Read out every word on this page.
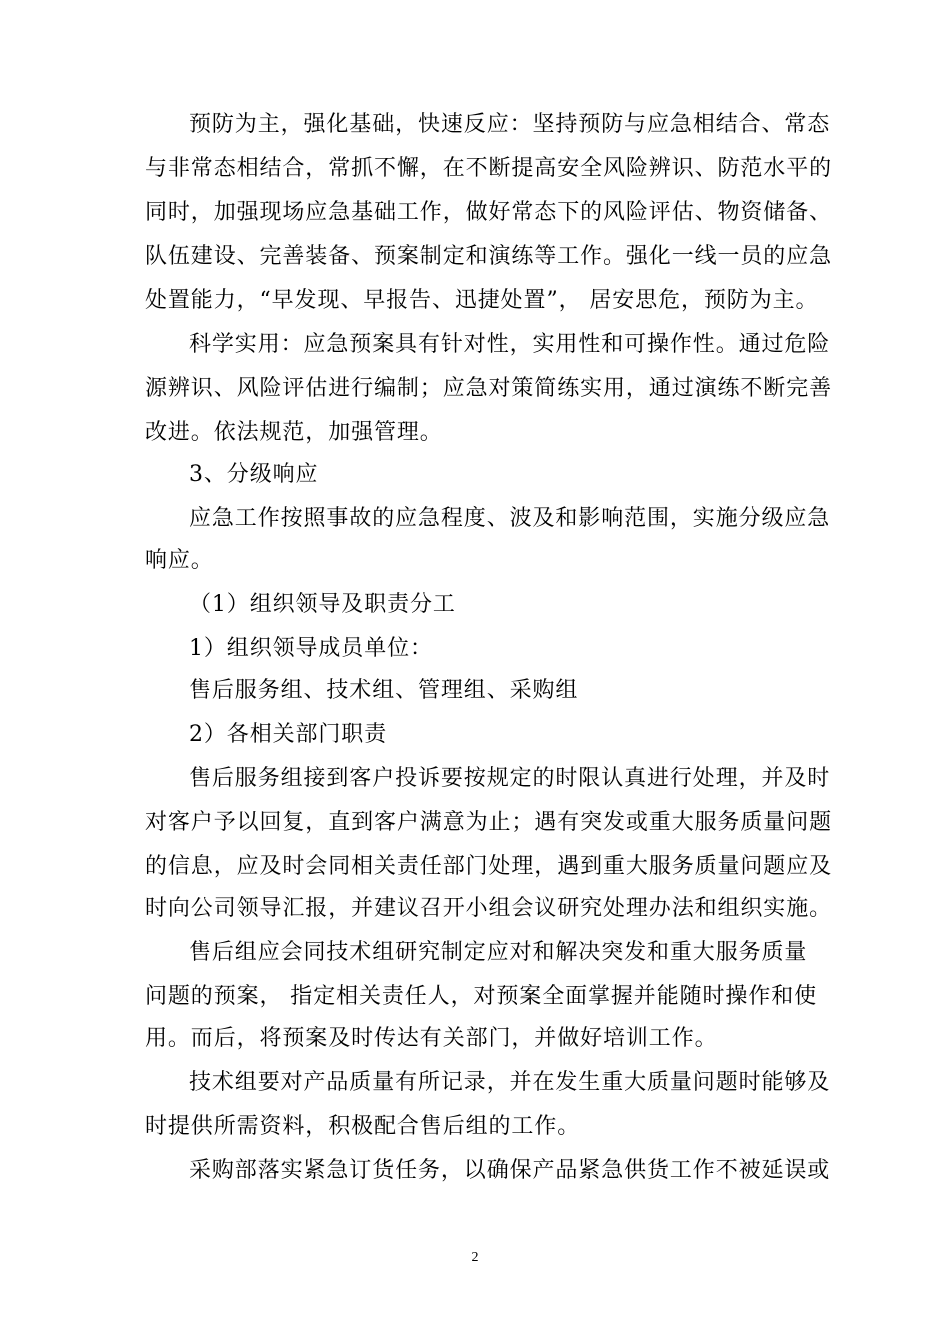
预防为主，强化基础，快速反应：坚持预防与应急相结合、常态
与非常态相结合，常抓不懈，在不断提高安全风险辨识、防范水平的
同时，加强现场应急基础工作，做好常态下的风险评估、物资储备、
队伍建设、完善装备、预案制定和演练等工作。强化一线一员的应急
处置能力，“早发现、早报告、迅捷处置”， 居安思危，预防为主。
科学实用：应急预案具有针对性，实用性和可操作性。通过危险
源辨识、风险评估进行编制；应急对策简练实用，通过演练不断完善
改进。依法规范，加强管理。
3、分级响应
应急工作按照事故的应急程度、波及和影响范围，实施分级应急
响应。
（1）组织领导及职责分工
1）组织领导成员单位：
售后服务组、技术组、管理组、采购组
2）各相关部门职责
售后服务组接到客户投诉要按规定的时限认真进行处理，并及时
对客户予以回复，直到客户满意为止；遇有突发或重大服务质量问题
的信息，应及时会同相关责任部门处理，遇到重大服务质量问题应及
时向公司领导汇报，并建议召开小组会议研究处理办法和组织实施。
售后组应会同技术组研究制定应对和解决突发和重大服务质量
问题的预案， 指定相关责任人，对预案全面掌握并能随时操作和使
用。而后，将预案及时传达有关部门，并做好培训工作。
技术组要对产品质量有所记录，并在发生重大质量问题时能够及
时提供所需资料，积极配合售后组的工作。
采购部落实紧急订货任务，以确保产品紧急供货工作不被延误或
2
